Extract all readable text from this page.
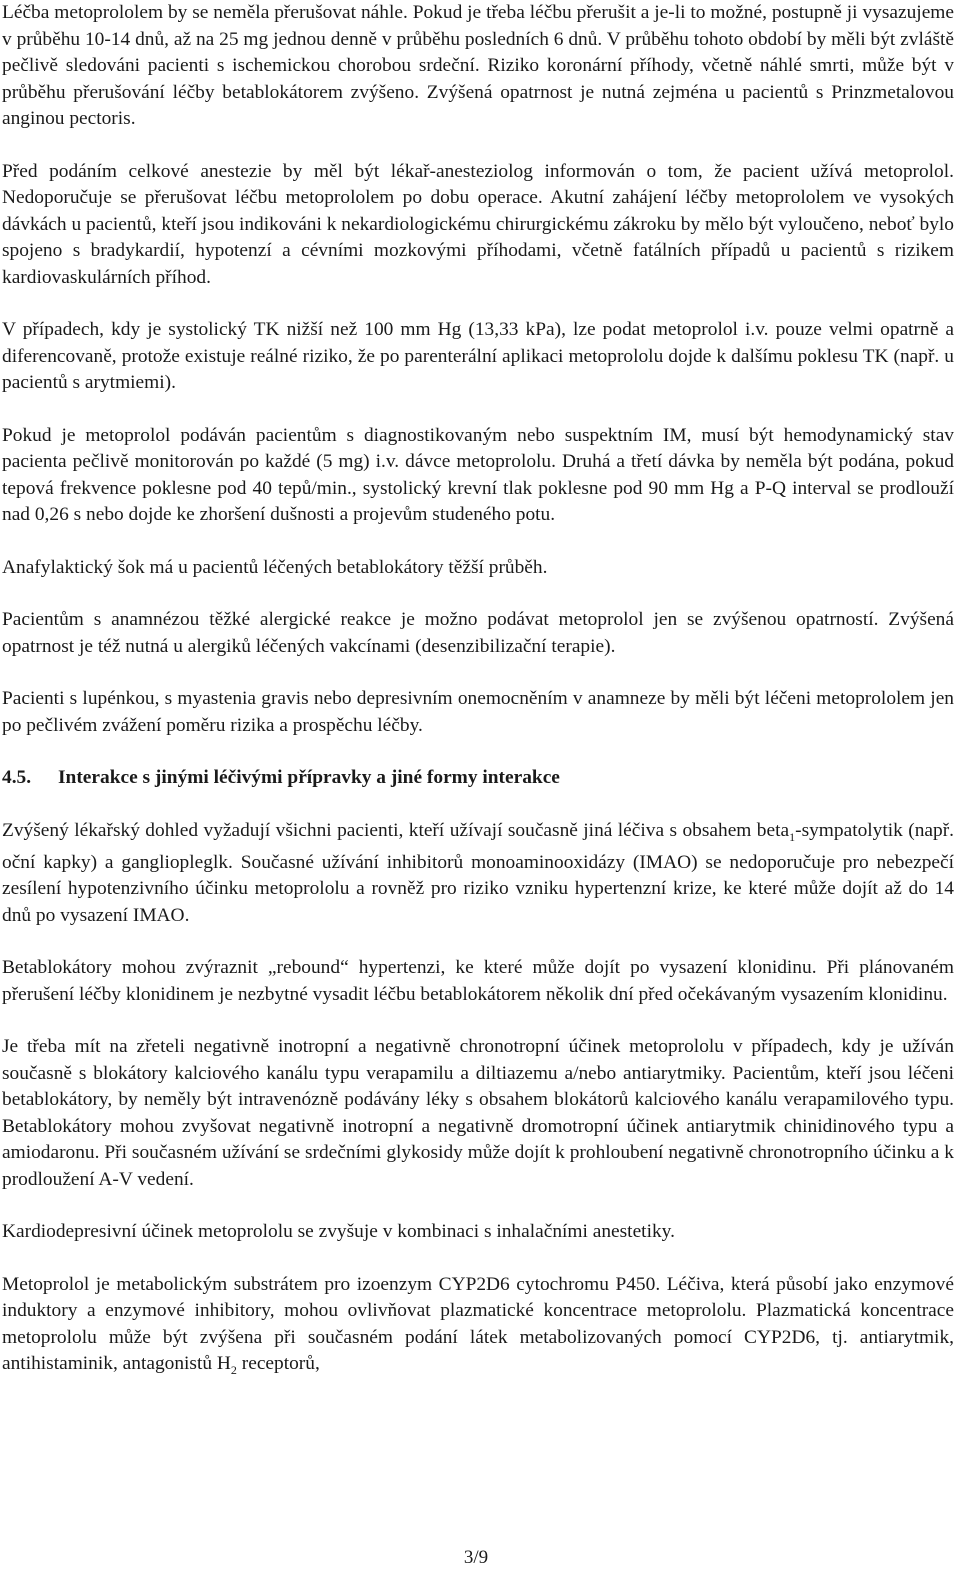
Léčba metoprololem by se neměla přerušovat náhle. Pokud je třeba léčbu přerušit a je-li to možné, postupně ji vysazujeme v průběhu 10-14 dnů, až na 25 mg jednou denně v průběhu posledních 6 dnů. V průběhu tohoto období by měli být zvláště pečlivě sledováni pacienti s ischemickou chorobou srdeční. Riziko koronární příhody, včetně náhlé smrti, může být v průběhu přerušování léčby betablokátorem zvýšeno. Zvýšená opatrnost je nutná zejména u pacientů s Prinzmetalovou anginou pectoris.

Před podáním celkové anestezie by měl být lékař-anesteziolog informován o tom, že pacient užívá metoprolol. Nedoporučuje se přerušovat léčbu metoprololem po dobu operace. Akutní zahájení léčby metoprololem ve vysokých dávkách u pacientů, kteří jsou indikováni k nekardiologickému chirurgickému zákroku by mělo být vyloučeno, neboť bylo spojeno s bradykardií, hypotenzí a cévními mozkovými příhodami, včetně fatálních případů u pacientů s rizikem kardiovaskulárních příhod.

V případech, kdy je systolický TK nižší než 100 mm Hg (13,33 kPa), lze podat metoprolol i.v. pouze velmi opatrně a diferencovaně, protože existuje reálné riziko, že po parenterální aplikaci metoprololu dojde k dalšímu poklesu TK (např. u pacientů s arytmiemi).

Pokud je metoprolol podáván pacientům s diagnostikovaným nebo suspektním IM, musí být hemodynamický stav pacienta pečlivě monitorován po každé (5 mg) i.v. dávce metoprololu. Druhá a třetí dávka by neměla být podána, pokud tepová frekvence poklesne pod 40 tepů/min., systolický krevní tlak poklesne pod 90 mm Hg a P-Q interval se prodlouží nad 0,26 s nebo dojde ke zhoršení dušnosti a projevům studeného potu.

Anafylaktický šok má u pacientů léčených betablokátory těžší průběh.

Pacientům s anamnézou těžké alergické reakce je možno podávat metoprolol jen se zvýšenou opatrností. Zvýšená opatrnost je též nutná u alergiků léčených vakcínami (desenzibilizační terapie).

Pacienti s lupénkou, s myastenia gravis nebo depresivním onemocněním v anamneze by měli být léčeni metoprololem jen po pečlivém zvážení poměru rizika a prospěchu léčby.

4.5. Interakce s jinými léčivými přípravky a jiné formy interakce

Zvýšený lékařský dohled vyžadují všichni pacienti, kteří užívají současně jiná léčiva s obsahem beta$_1$-sympatolytik (např. oční kapky) a gangliopleglk. Současné užívání inhibitorů monoaminooxidázy (IMAO) se nedoporučuje pro nebezpečí zesílení hypotenzivního účinku metoprololu a rovněž pro riziko vzniku hypertenzní krize, ke které může dojít až do 14 dnů po vysazení IMAO.

Betablokátory mohou zvýraznit „rebound“ hypertenzi, ke které může dojít po vysazení klonidinu. Při plánovaném přerušení léčby klonidinem je nezbytné vysadit léčbu betablokátorem několik dní před očekávaným vysazením klonidinu.

Je třeba mít na zřeteli negativně inotropní a negativně chronotropní účinek metoprololu v případech, kdy je užíván současně s blokátory kalciového kanálu typu verapamilu a diltiazemu a/nebo antiarytmiky. Pacientům, kteří jsou léčeni betablokátory, by neměly být intravenózně podávány léky s obsahem blokátorů kalciového kanálu verapamilového typu. Betablokátory mohou zvyšovat negativně inotropní a negativně dromotropní účinek antiarytmik chinidinového typu a amiodaronu. Při současném užívání se srdečními glykosidy může dojít k prohloubení negativně chronotropního účinku a k prodloužení A-V vedení.

Kardiodepresivní účinek metoprololu se zvyšuje v kombinaci s inhalačními anestetiky.

Metoprolol je metabolickým substrátem pro izoenzym CYP2D6 cytochromu P450. Léčiva, která působí jako enzymové induktory a enzymové inhibitory, mohou ovlivňovat plazmatické koncentrace metoprololu. Plazmatická koncentrace metoprololu může být zvýšena při současném podání látek metabolizovaných pomocí CYP2D6, tj. antiarytmik, antihistaminik, antagonistů $H_2$ receptorů,

3/9
